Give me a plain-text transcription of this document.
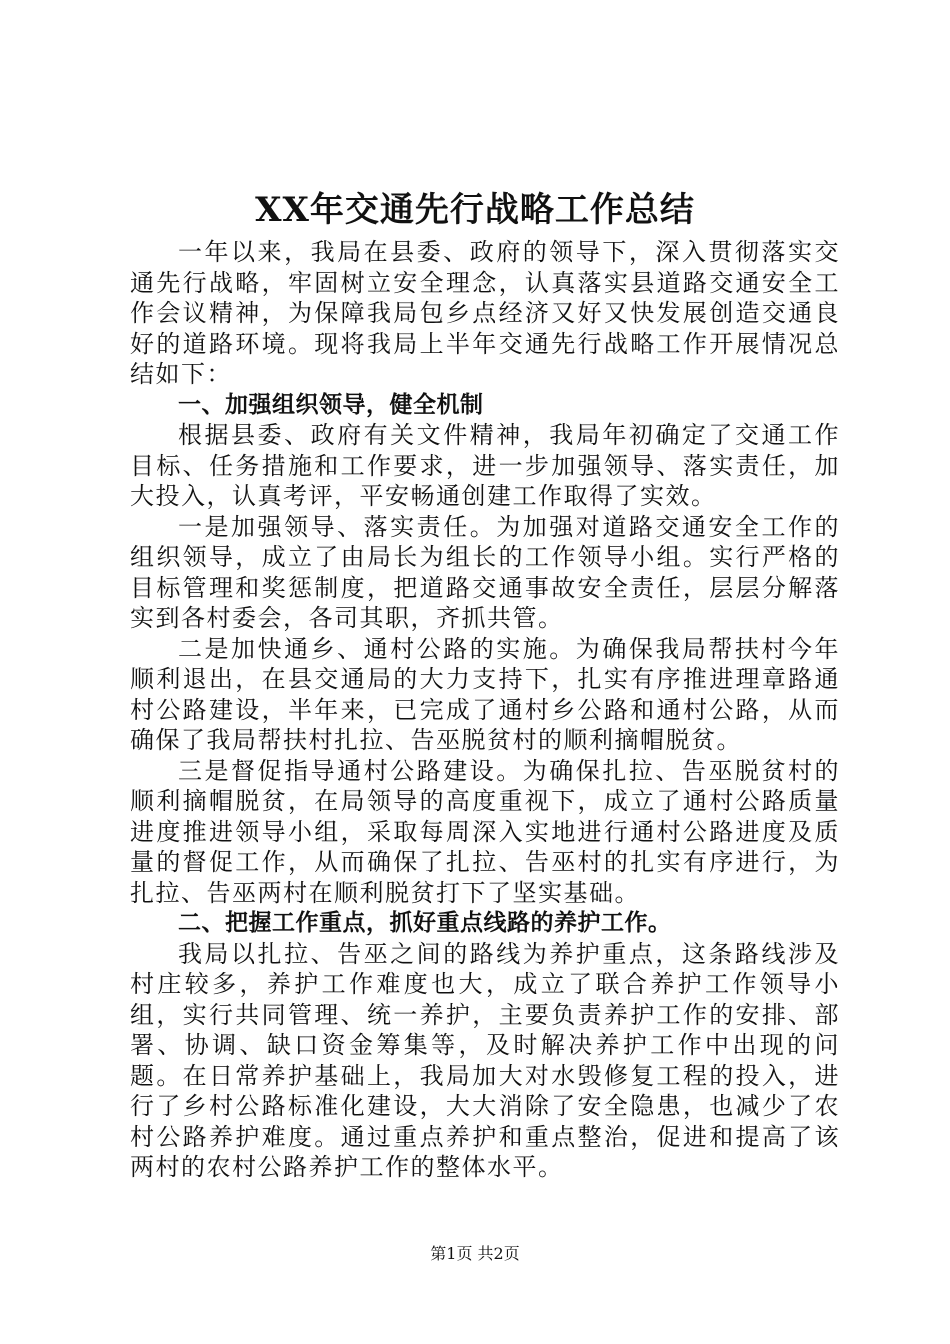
XX年交通先行战略工作总结

一年以来，我局在县委、政府的领导下，深入贯彻落实交通先行战略，牢固树立安全理念，认真落实县道路交通安全工作会议精神，为保障我局包乡点经济又好又快发展创造交通良好的道路环境。现将我局上半年交通先行战略工作开展情况总结如下：

一、加强组织领导，健全机制

根据县委、政府有关文件精神，我局年初确定了交通工作目标、任务措施和工作要求，进一步加强领导、落实责任，加大投入，认真考评，平安畅通创建工作取得了实效。

一是加强领导、落实责任。为加强对道路交通安全工作的组织领导，成立了由局长为组长的工作领导小组。实行严格的目标管理和奖惩制度，把道路交通事故安全责任，层层分解落实到各村委会，各司其职，齐抓共管。

二是加快通乡、通村公路的实施。为确保我局帮扶村今年顺利退出，在县交通局的大力支持下，扎实有序推进理章路通村公路建设，半年来，已完成了通村乡公路和通村公路，从而确保了我局帮扶村扎拉、告巫脱贫村的顺利摘帽脱贫。

三是督促指导通村公路建设。为确保扎拉、告巫脱贫村的顺利摘帽脱贫，在局领导的高度重视下，成立了通村公路质量进度推进领导小组，采取每周深入实地进行通村公路进度及质量的督促工作，从而确保了扎拉、告巫村的扎实有序进行，为扎拉、告巫两村在顺利脱贫打下了坚实基础。

二、把握工作重点，抓好重点线路的养护工作。

我局以扎拉、告巫之间的路线为养护重点，这条路线涉及村庄较多，养护工作难度也大，成立了联合养护工作领导小组，实行共同管理、统一养护，主要负责养护工作的安排、部署、协调、缺口资金筹集等，及时解决养护工作中出现的问题。在日常养护基础上，我局加大对水毁修复工程的投入，进行了乡村公路标准化建设，大大消除了安全隐患，也减少了农村公路养护难度。通过重点养护和重点整治，促进和提高了该两村的农村公路养护工作的整体水平。

第1页 共2页
